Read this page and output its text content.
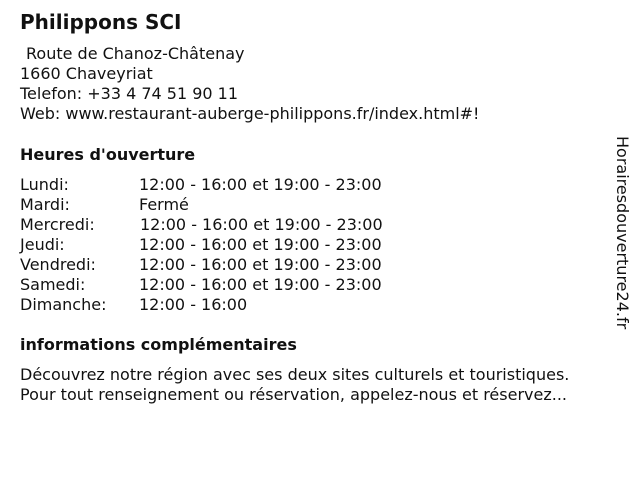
Philippons SCI
Route de Chanoz-Châtenay
1660 Chaveyriat
Telefon: +33 4 74 51 90 11
Web: www.restaurant-auberge-philippons.fr/index.html#!
Heures d'ouverture
Lundi:	12:00 - 16:00 et 19:00 - 23:00
Mardi:	Fermé
Mercredi:	12:00 - 16:00 et 19:00 - 23:00
Jeudi:	12:00 - 16:00 et 19:00 - 23:00
Vendredi:	12:00 - 16:00 et 19:00 - 23:00
Samedi:	12:00 - 16:00 et 19:00 - 23:00
Dimanche:	12:00 - 16:00
informations complémentaires
Découvrez notre région avec ses deux sites culturels et touristiques.
Pour tout renseignement ou réservation, appelez-nous et réservez...
Horairesdouverture24.fr
